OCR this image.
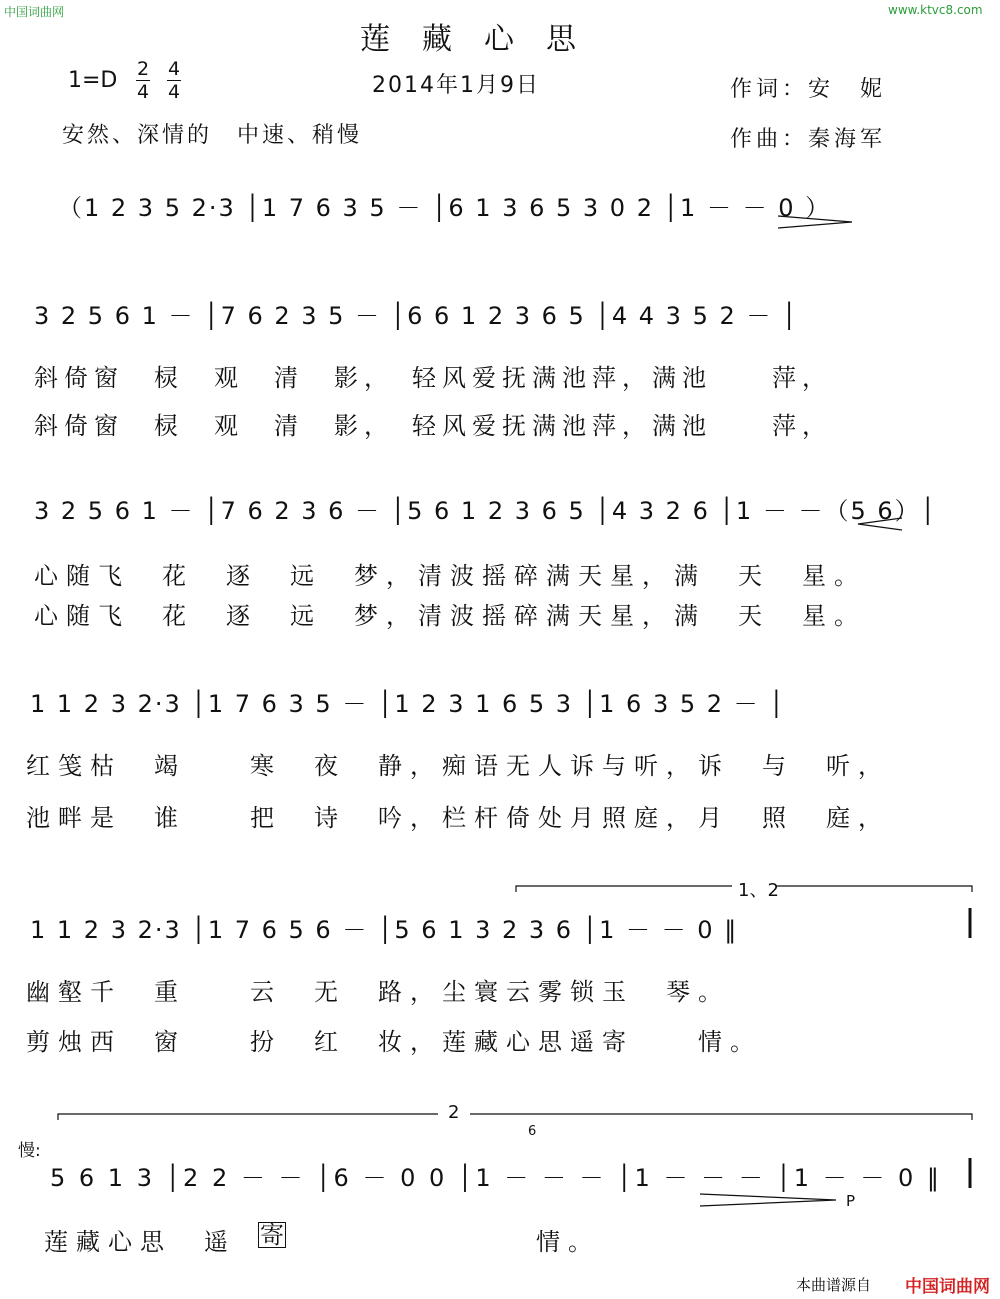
中国词曲网	www.ktvc8.com
莲 藏 心 思
$1=D \frac{2}{4} \frac{4}{4}$	2014年1月9日	作词：安　妮
作曲：秦海军
安然、深情的　中速、稍慢
（1 2 3 5 2·3 │1 7 6 3 5 － │6 1 3 6 5 3 0 2 │1 － － 0 ）
3 2 5 6 1 － │7 6 2 3 5 － │6 6 1 2 3 6 5 │4 4 3 5 2 － │
斜倚窗　棂　观　清　影，　轻风爱抚满池萍，满池　　萍，
斜倚窗　棂　观　清　影，　轻风爱抚满池萍，满池　　萍，
3 2 5 6 1 － │7 6 2 3 6 － │5 6 1 2 3 6 5 │4 3 2 6 │1 － －（5 6）│
心随飞　花　逐　远　梦，清波摇碎满天星，满　天　星。
心随飞　花　逐　远　梦，清波摇碎满天星，满　天　星。
1 1 2 3 2·3 │1 7 6 3 5 － │1 2 3 1 6 5 3 │1 6 3 5 2 － │
红笺枯　竭　　寒　夜　静，痴语无人诉与听，诉　与　听，
池畔是　谁　　把　诗　吟，栏杆倚处月照庭，月　照　庭，
1、2
1 1 2 3 2·3 │1 7 6 5 6 － │5 6 1 3 2 3 6 │1 － － 0 ‖
幽壑千　重　　云　无　路，尘寰云雾锁玉　琴。
剪烛西　窗　　扮　红　妆，莲藏心思遥寄　　情。
2
慢:
6
5 6 1 3 │2 2 － － │6 － 0 0 │1 － － － │1 － － － │1 － － 0 ‖
P
莲藏心思　遥 寄	情。
本曲谱源自 中国词曲网
